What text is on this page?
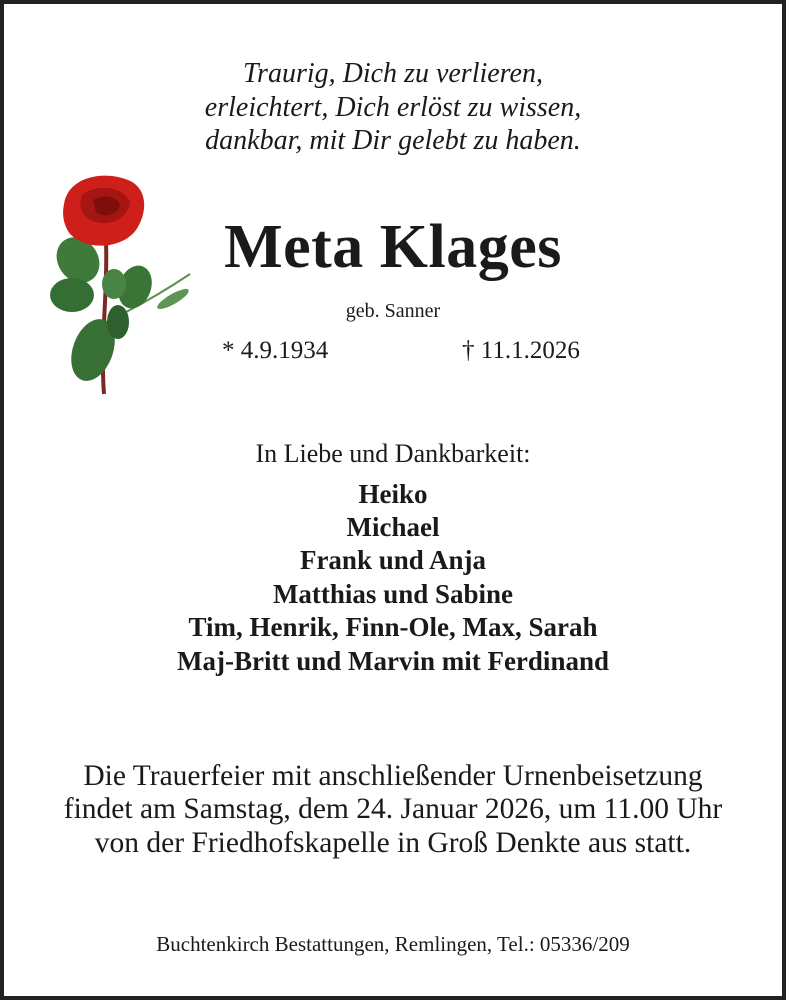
Traurig, Dich zu verlieren,
erleichtert, Dich erlöst zu wissen,
dankbar, mit Dir gelebt zu haben.
Meta Klages
geb. Sanner
* 4.9.1934	† 11.1.2026
In Liebe und Dankbarkeit:
Heiko
Michael
Frank und Anja
Matthias und Sabine
Tim, Henrik, Finn-Ole, Max, Sarah
Maj-Britt und Marvin mit Ferdinand
Die Trauerfeier mit anschließender Urnenbeisetzung
findet am Samstag, dem 24. Januar 2026, um 11.00 Uhr
von der Friedhofskapelle in Groß Denkte aus statt.
Buchtenkirch Bestattungen, Remlingen, Tel.: 05336/209
